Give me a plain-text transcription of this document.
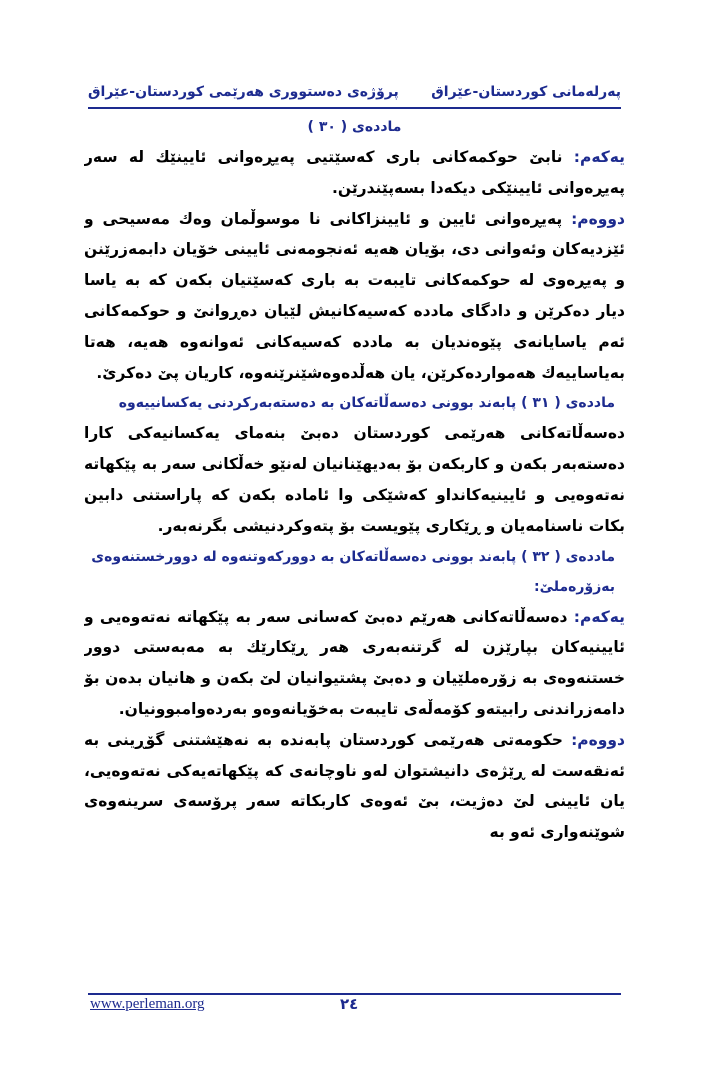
پەرلەمانی کوردستان-عێراق
پرۆژەی دەستووری هەرێمی کوردستان-عێراق

ماددەی ( ٣٠ )

یەکەم: نابێ حوکمەکانی باری کەسێتیی پەیڕەوانی ئایینێك لە سەر پەیڕەوانی ئایینێکی دیکەدا بسەپێندرێن.

دووەم: پەیڕەوانی ئایین و ئایینزاکانی نا موسوڵمان وەك مەسیحی و ئێزدیەکان وئەوانی دی، بۆیان هەیە ئەنجومەنی ئایینی خۆیان دابمەزرێنن و پەیڕەوی لە حوکمەکانی تایبەت بە باری کەسێتیان بکەن کە بە یاسا دیار دەکرێن و دادگای ماددە کەسیەکانیش لێیان دەڕوانێ و حوکمەکانی ئەم یاسایانەی پێوەندیان بە ماددە کەسیەکانی ئەوانەوە هەیە، هەتا بەیاساییەك هەمواردەکرێن، یان هەڵدەوەشێنرێنەوە، کاریان پێ دەکرێ.

ماددەی ( ٣١ ) پابەند بوونی دەسەڵاتەکان بە دەستەبەرکردنی یەکسانییەوە

دەسەڵاتەکانی هەرێمی کوردستان دەبێ بنەمای یەکسانیەکی کارا دەستەبەر بکەن و کاربکەن بۆ بەدیهێنانیان لەنێو خەڵکانی سەر بە پێکهاتە نەتەوەیی و ئایینیەکانداو کەشێکی وا ئامادە بکەن کە پاراستنی دابین بکات ناسنامەیان و ڕێکاری پێویست بۆ پتەوکردنیشی بگرنەبەر.

ماددەی ( ٣٢ ) پابەند بوونی دەسەڵاتەکان بە دوورکەوتنەوە لە دوورخستنەوەی بەزۆرەملێ:

یەکەم: دەسەڵاتەکانی هەرێم دەبێ کەسانی سەر بە پێکهاتە نەتەوەیی و ئایینیەکان بپارێزن لە گرتنەبەری هەر ڕێکارێك بە مەبەستی دوور خستنەوەی بە زۆرەملێیان و دەبێ پشتیوانیان لێ بکەن و هانیان بدەن بۆ دامەزراندنی رابیتەو کۆمەڵەی تایبەت بەخۆیانەوەو بەردەوامبوونیان.

دووەم: حکومەتی هەرێمی کوردستان پابەندە بە نەهێشتنی گۆڕینی بە ئەنقەست لە ڕێژەی دانیشتوان لەو ناوچانەی کە پێکهاتەیەکی نەتەوەیی، یان ئایینی لێ دەژیت، بێ ئەوەی کاربکاتە سەر پرۆسەی سرینەوەی شوێنەواری ئەو بە

www.perleman.org	٢٤
